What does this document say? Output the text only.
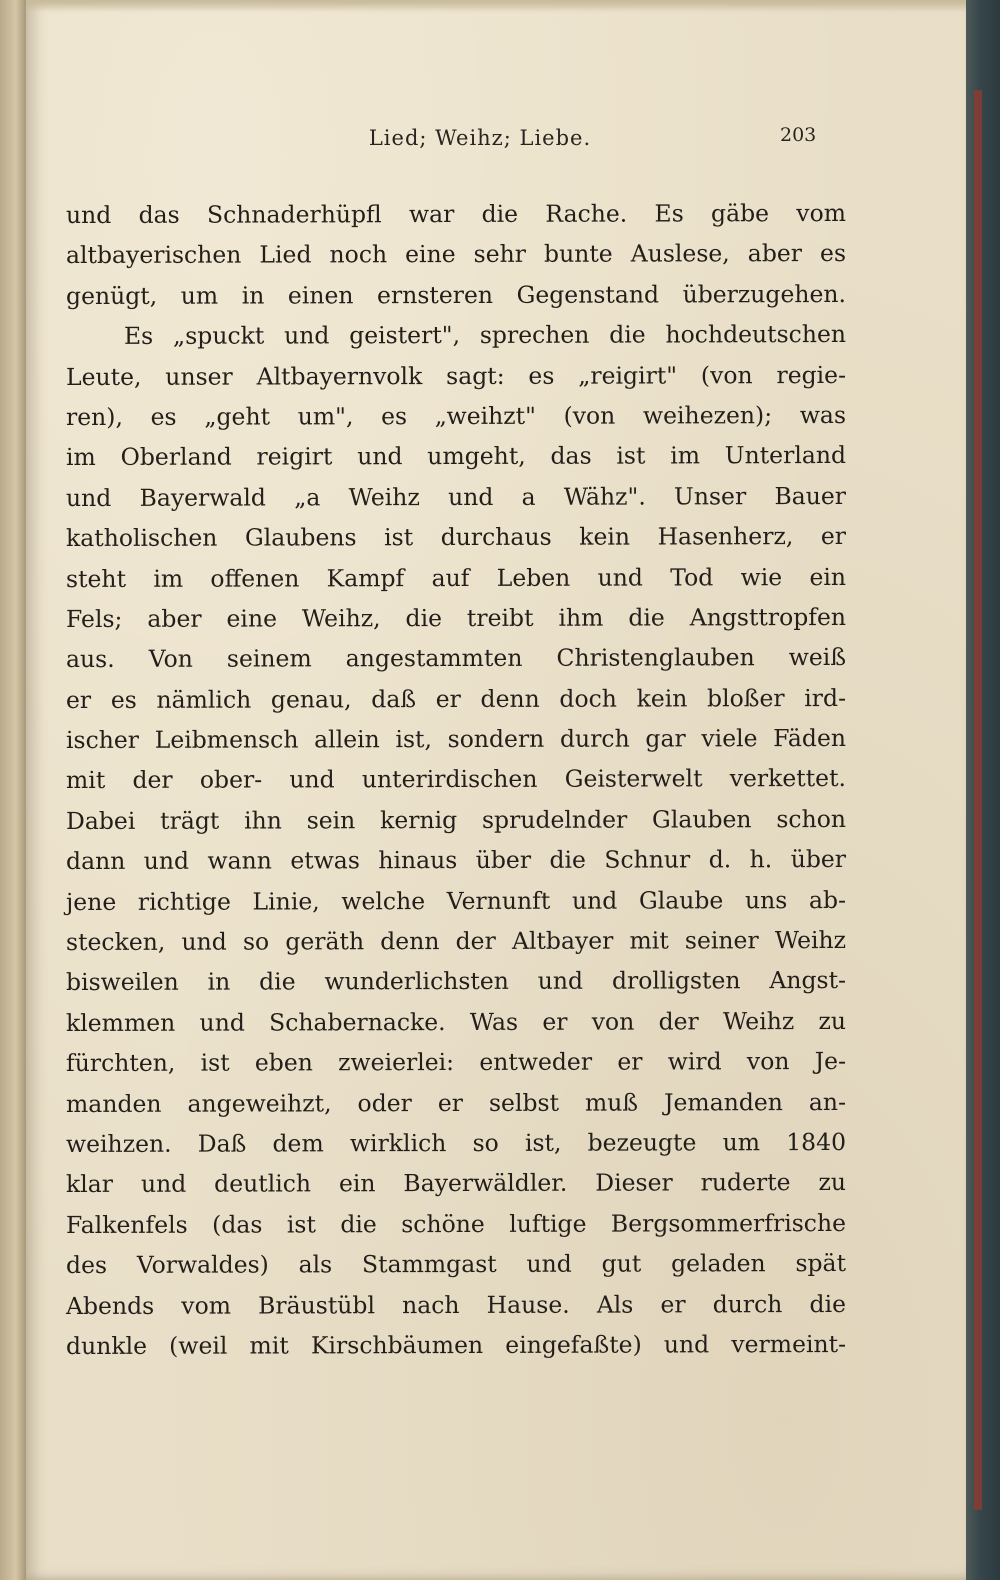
Lied; Weihz; Liebe.	203
und das Schnaderhüpfl war die Rache. Es gäbe vom
altbayerischen Lied noch eine sehr bunte Auslese, aber es
genügt, um in einen ernsteren Gegenstand überzugehen.
Es „spuckt und geistert", sprechen die hochdeutschen
Leute, unser Altbayernvolk sagt: es „reigirt" (von regie-
ren), es „geht um", es „weihzt" (von weihezen); was
im Oberland reigirt und umgeht, das ist im Unterland
und Bayerwald „a Weihz und a Wähz". Unser Bauer
katholischen Glaubens ist durchaus kein Hasenherz, er
steht im offenen Kampf auf Leben und Tod wie ein
Fels; aber eine Weihz, die treibt ihm die Angsttropfen
aus. Von seinem angestammten Christenglauben weiß
er es nämlich genau, daß er denn doch kein bloßer ird-
ischer Leibmensch allein ist, sondern durch gar viele Fäden
mit der ober- und unterirdischen Geisterwelt verkettet.
Dabei trägt ihn sein kernig sprudelnder Glauben schon
dann und wann etwas hinaus über die Schnur d. h. über
jene richtige Linie, welche Vernunft und Glaube uns ab-
stecken, und so geräth denn der Altbayer mit seiner Weihz
bisweilen in die wunderlichsten und drolligsten Angst-
klemmen und Schabernacke. Was er von der Weihz zu
fürchten, ist eben zweierlei: entweder er wird von Je-
manden angeweihzt, oder er selbst muß Jemanden an-
weihzen. Daß dem wirklich so ist, bezeugte um 1840
klar und deutlich ein Bayerwäldler. Dieser ruderte zu
Falkenfels (das ist die schöne luftige Bergsommerfrische
des Vorwaldes) als Stammgast und gut geladen spät
Abends vom Bräustübl nach Hause. Als er durch die
dunkle (weil mit Kirschbäumen eingefaßte) und vermeint-
